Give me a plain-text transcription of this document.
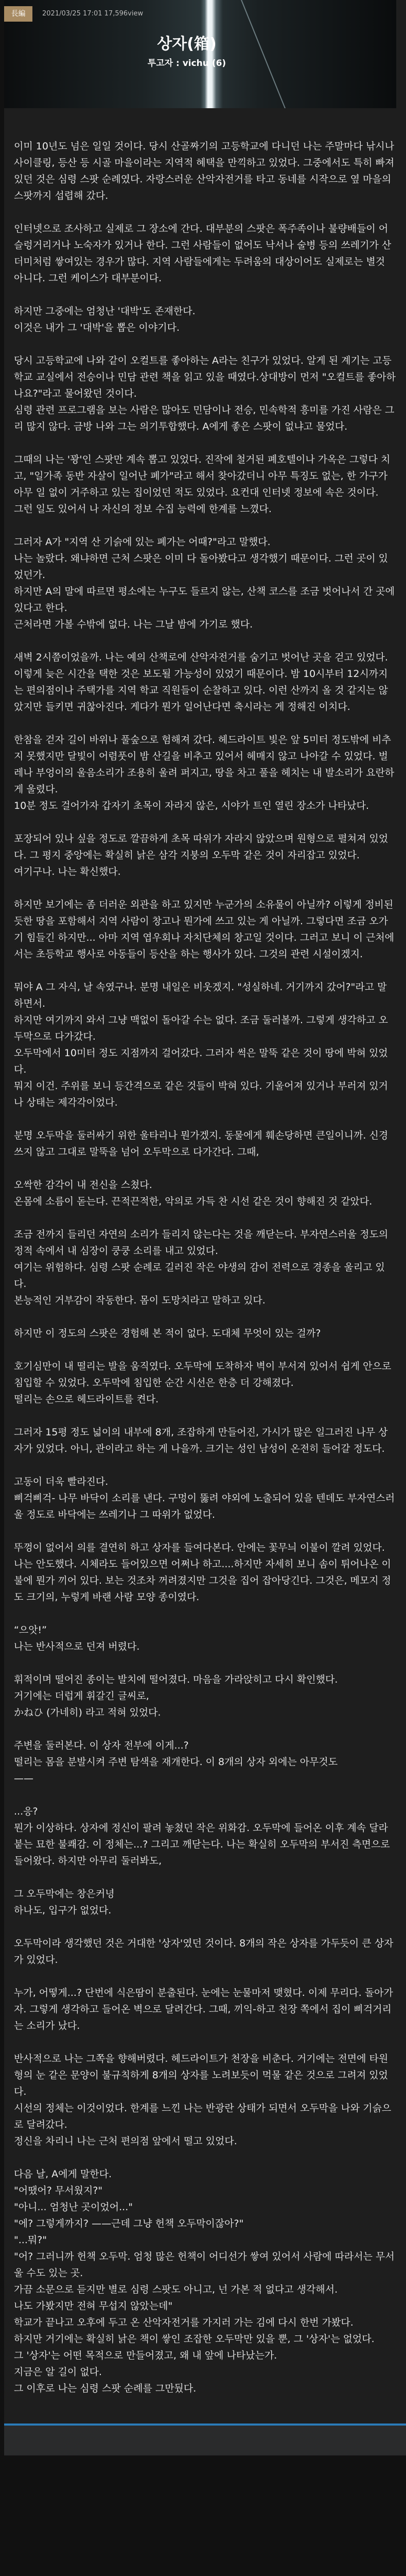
長編	2021/03/25 17:01 17,596view
상자(箱)
투고자 : vichu (6)

이미 10년도 넘은 일일 것이다. 당시 산골짜기의 고등학교에 다니던 나는 주말마다 낚시나 사이클링, 등산 등 시골 마을이라는 지역적 혜택을 만끽하고 있었다. 그중에서도 특히 빠져있던 것은 심령 스팟 순례였다. 자랑스러운 산악자전거를 타고 동네를 시작으로 옆 마을의 스팟까지 섭렵해 갔다.

인터넷으로 조사하고 실제로 그 장소에 간다. 대부분의 스팟은 폭주족이나 불량배들이 어슬렁거리거나 노숙자가 있거나 한다. 그런 사람들이 없어도 낙서나 술병 등의 쓰레기가 산더미처럼 쌓여있는 경우가 많다. 지역 사람들에게는 두려움의 대상이어도 실제로는 별것 아니다. 그런 케이스가 대부분이다.

하지만 그중에는 엄청난 '대박'도 존재한다.
이것은 내가 그 '대박'을 뽑은 이야기다.

당시 고등학교에 나와 같이 오컬트를 좋아하는 A라는 친구가 있었다. 알게 된 계기는 고등학교 교실에서 전승이나 민담 관련 책을 읽고 있을 때였다.상대방이 먼저 "오컬트를 좋아하나요?"라고 물어왔던 것이다.
심령 관련 프로그램을 보는 사람은 많아도 민담이나 전승, 민속학적 흥미를 가진 사람은 그리 많지 않다. 금방 나와 그는 의기투합했다. A에게 좋은 스팟이 없냐고 물었다.

그때의 나는 '꽝'인 스팟만 계속 뽑고 있었다. 진작에 철거된 폐호텔이나 가옥은 그렇다 치고, "일가족 동반 자살이 일어난 폐가"라고 해서 찾아갔더니 아무 특징도 없는, 한 가구가 아무 일 없이 거주하고 있는 집이었던 적도 있었다. 요컨대 인터넷 정보에 속은 것이다.
그런 일도 있어서 나 자신의 정보 수집 능력에 한계를 느꼈다.

그러자 A가 "지역 산 기슭에 있는 폐가는 어때?"라고 말했다.
나는 놀랐다. 왜냐하면 근처 스팟은 이미 다 돌아봤다고 생각했기 때문이다. 그런 곳이 있었던가.
하지만 A의 말에 따르면 평소에는 누구도 들르지 않는, 산책 코스를 조금 벗어나서 간 곳에 있다고 한다.
근처라면 가볼 수밖에 없다. 나는 그날 밤에 가기로 했다.

새벽 2시쯤이었을까. 나는 예의 산책로에 산악자전거를 숨기고 벗어난 곳을 걷고 있었다. 이렇게 늦은 시간을 택한 것은 보도될 가능성이 있었기 때문이다. 밤 10시부터 12시까지는 편의점이나 주택가를 지역 학교 직원들이 순찰하고 있다. 이런 산까지 올 것 같지는 않았지만 들키면 귀찮아진다. 게다가 뭔가 일어난다면 축시라는 게 정해진 이치다.

한참을 걷자 길이 바위나 풀숲으로 험해져 갔다. 헤드라이트 빛은 앞 5미터 정도밖에 비추지 못했지만 달빛이 어렴풋이 밤 산길을 비추고 있어서 헤매지 않고 나아갈 수 있었다. 벌레나 부엉이의 울음소리가 조용히 울려 퍼지고, 땅을 차고 풀을 헤치는 내 발소리가 요란하게 울렸다.
10분 정도 걸어가자 갑자기 초목이 자라지 않은, 시야가 트인 열린 장소가 나타났다.

포장되어 있나 싶을 정도로 깔끔하게 초목 따위가 자라지 않았으며 원형으로 펼쳐져 있었다. 그 평지 중앙에는 확실히 낡은 삼각 지붕의 오두막 같은 것이 자리잡고 있었다.
여기구나. 나는 확신했다.

하지만 보기에는 좀 더러운 외관을 하고 있지만 누군가의 소유물이 아닐까? 이렇게 정비된 듯한 땅을 포함해서 지역 사람이 창고나 뭔가에 쓰고 있는 게 아닐까. 그렇다면 조금 오가기 힘들긴 하지만... 아마 지역 엽우회나 자치단체의 창고일 것이다. 그러고 보니 이 근처에서는 초등학교 행사로 아동들이 등산을 하는 행사가 있다. 그것의 관련 시설이겠지.

뭐야 A 그 자식, 날 속였구나. 분명 내일은 비웃겠지. "성실하네. 거기까지 갔어?"라고 말하면서.
하지만 여기까지 와서 그냥 맥없이 돌아갈 수는 없다. 조금 둘러볼까. 그렇게 생각하고 오두막으로 다가갔다.
오두막에서 10미터 정도 지점까지 걸어갔다. 그러자 썩은 말뚝 같은 것이 땅에 박혀 있었다.
뭐지 이건. 주위를 보니 등간격으로 같은 것들이 박혀 있다. 기울어져 있거나 부러져 있거나 상태는 제각각이었다.

분명 오두막을 둘러싸기 위한 울타리나 뭔가겠지. 동물에게 훼손당하면 큰일이니까. 신경 쓰지 않고 그대로 말뚝을 넘어 오두막으로 다가간다. 그때,

오싹한 감각이 내 전신을 스쳤다.
온몸에 소름이 돋는다. 끈적끈적한, 악의로 가득 찬 시선 같은 것이 향해진 것 같았다.

조금 전까지 들리던 자연의 소리가 들리지 않는다는 것을 깨닫는다. 부자연스러울 정도의 정적 속에서 내 심장이 쿵쿵 소리를 내고 있었다.
여기는 위험하다. 심령 스팟 순례로 길러진 작은 야생의 감이 전력으로 경종을 울리고 있다.
본능적인 거부감이 작동한다. 몸이 도망치라고 말하고 있다.

하지만 이 정도의 스팟은 경험해 본 적이 없다. 도대체 무엇이 있는 걸까?

호기심만이 내 떨리는 발을 움직였다. 오두막에 도착하자 벽이 부서져 있어서 쉽게 안으로 침입할 수 있었다. 오두막에 침입한 순간 시선은 한층 더 강해졌다.
떨리는 손으로 헤드라이트를 켠다.

그러자 15평 정도 넓이의 내부에 8개, 조잡하게 만들어진, 가시가 많은 일그러진 나무 상자가 있었다. 아니, 관이라고 하는 게 나을까. 크기는 성인 남성이 온전히 들어갈 정도다.

고동이 더욱 빨라진다.
삐걱삐걱- 나무 바닥이 소리를 낸다. 구멍이 뚫려 야외에 노출되어 있을 텐데도 부자연스러울 정도로 바닥에는 쓰레기나 그 따위가 없었다.

뚜껑이 없어서 의를 결연히 하고 상자를 들여다본다. 안에는 꽃무늬 이불이 깔려 있었다. 나는 안도했다. 시체라도 들어있으면 어쩌나 하고....하지만 자세히 보니 솜이 튀어나온 이불에 뭔가 끼어 있다. 보는 것조차 꺼려졌지만 그것을 집어 잡아당긴다. 그것은, 메모지 정도 크기의, 누렇게 바랜 사람 모양 종이였다.

“으앗!”
나는 반사적으로 던져 버렸다.

휘적이며 떨어진 종이는 발치에 떨어졌다. 마음을 가라앉히고 다시 확인했다.
거기에는 더럽게 휘갈긴 글씨로,
かねひ (가네히) 라고 적혀 있었다.

주변을 둘러본다. 이 상자 전부에 이게...?
떨리는 몸을 분발시켜 주변 탐색을 재개한다. 이 8개의 상자 외에는 아무것도
——

...응?
뭔가 이상하다. 상자에 정신이 팔려 놓쳤던 작은 위화감. 오두막에 들어온 이후 계속 달라붙는 묘한 불쾌감. 이 정체는...? 그리고 깨닫는다. 나는 확실히 오두막의 부서진 측면으로 들어왔다. 하지만 아무리 둘러봐도,

그 오두막에는 창은커녕
하나도, 입구가 없었다.

오두막이라 생각했던 것은 거대한 '상자'였던 것이다. 8개의 작은 상자를 가두듯이 큰 상자가 있었다.

누가, 어떻게...? 단번에 식은땀이 분출된다. 눈에는 눈물마저 맺혔다. 이제 무리다. 돌아가자. 그렇게 생각하고 들어온 벽으로 달려간다. 그때, 끼익-하고 천장 쪽에서 집이 삐걱거리는 소리가 났다.

반사적으로 나는 그쪽을 향해버렸다. 헤드라이트가 천장을 비춘다. 거기에는 전면에 타원형의 눈 같은 문양이 불규칙하게 8개의 상자를 노려보듯이 먹물 같은 것으로 그려져 있었다.
시선의 정체는 이것이었다. 한계를 느낀 나는 반광란 상태가 되면서 오두막을 나와 기슭으로 달려갔다.
정신을 차리니 나는 근처 편의점 앞에서 떨고 있었다.

다음 날, A에게 말한다.
"어땠어? 무서웠지?"
"아니... 엄청난 곳이었어..."
"에? 그렇게까지? ——근데 그냥 헌책 오두막이잖아?"
"...뭐?"
"어? 그러니까 헌책 오두막. 엄청 많은 헌책이 어디선가 쌓여 있어서 사람에 따라서는 무서울 수도 있는 곳.
가끔 소문으로 듣지만 별로 심령 스팟도 아니고, 넌 가본 적 없다고 생각해서.
나도 가봤지만 전혀 무섭지 않았는데"
학교가 끝나고 오후에 두고 온 산악자전거를 가지러 가는 김에 다시 한번 가봤다.
하지만 거기에는 확실히 낡은 책이 쌓인 조잡한 오두막만 있을 뿐, 그 '상자'는 없었다.
그 '상자'는 어떤 목적으로 만들어졌고, 왜 내 앞에 나타났는가.
지금은 알 길이 없다.
그 이후로 나는 심령 스팟 순례를 그만뒀다.
